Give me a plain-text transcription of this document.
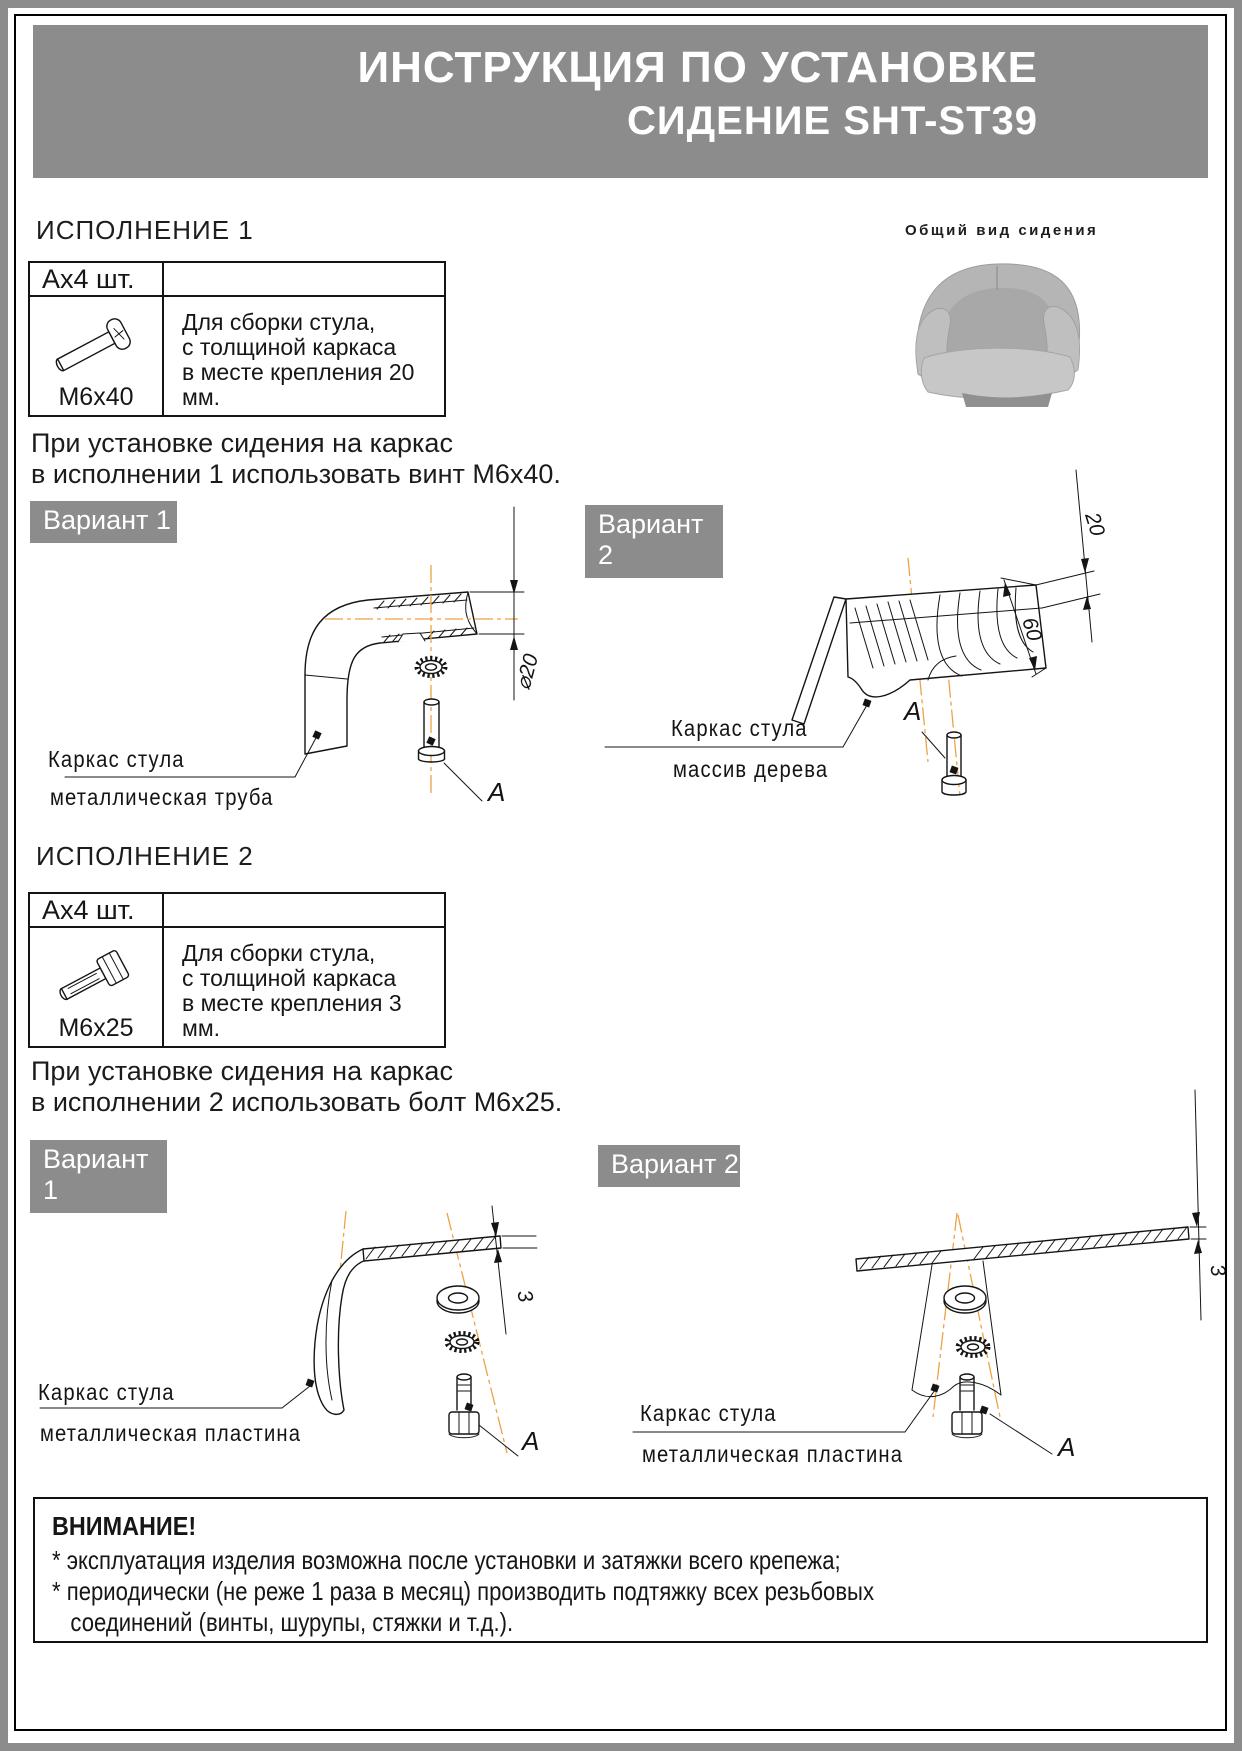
ИНСТРУКЦИЯ ПО УСТАНОВКЕ
СИДЕНИЕ SHT-ST39
ИСПОЛНЕНИЕ 1	Общий вид сидения
Ax4 шт.
M6x40
Для сборки стула,
с толщиной каркаса
в месте крепления 20 мм.
При установке сидения на каркас
в исполнении 1 использовать винт M6x40.
⌀20
A
60
20
A
Вариант 1	Вариант 2
Каркас стула
металлическая труба
Каркас стула
массив дерева
ИСПОЛНЕНИЕ 2
Ax4 шт.
M6x25
Для сборки стула,
с толщиной каркаса
в месте крепления 3 мм.
При установке сидения на каркас
в исполнении 2 использовать болт M6x25.
3
A
3
A
Вариант 1
Вариант 2
Каркас стула
металлическая пластина
Каркас стула
металлическая пластина
ВНИМАНИЕ!
* эксплуатация изделия возможна после установки и затяжки всего крепежа;
* периодически (не реже 1 раза в месяц) производить подтяжку всех резьбовых
соединений (винты, шурупы, стяжки и т.д.).
